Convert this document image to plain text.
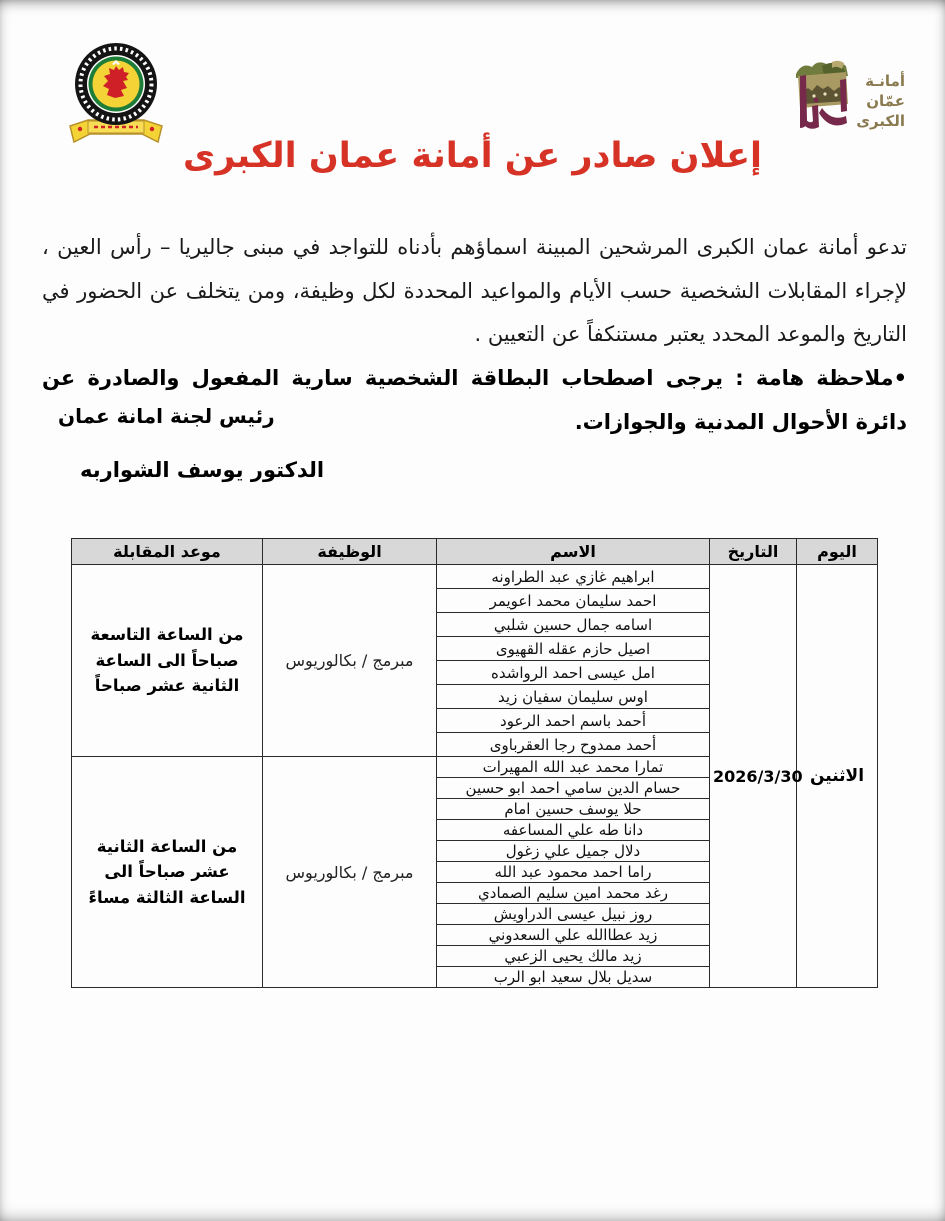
أمانـة
عمّان
الكبرى
إعلان صادر عن أمانة عمان الكبرى
تدعو أمانة عمان الكبرى المرشحين المبينة اسماؤهم بأدناه للتواجد في مبنى جاليريا – رأس العين ، لإجراء المقابلات الشخصية حسب الأيام والمواعيد المحددة لكل وظيفة، ومن يتخلف عن الحضور في التاريخ والموعد المحدد يعتبر مستنكفاً عن التعيين .
•ملاحظة هامة : يرجى اصطحاب البطاقة الشخصية سارية المفعول والصادرة عن دائرة الأحوال المدنية والجوازات.
رئيس لجنة امانة عمان
الدكتور يوسف الشواربه
اليوم	التاريخ	الاسم	الوظيفة	موعد المقابلة
الاثنين	2026/3/30	ابراهيم غازي عبد الطراونه	مبرمج / بكالوريوس	من الساعة التاسعة صباحاً الى الساعة الثانية عشر صباحاً
		احمد سليمان محمد اعويمر		
		اسامه جمال حسين شلبي		
		اصيل حازم عقله القهيوى		
		امل عيسى احمد الرواشده		
		اوس سليمان سفيان زيد		
		أحمد باسم احمد الرعود		
		أحمد ممدوح رجا العقرباوى		
		تمارا محمد عبد الله المهيرات	مبرمج / بكالوريوس	من الساعة الثانية عشر صباحاً الى الساعة الثالثة مساءً
		حسام الدين سامي احمد ابو حسين		
		حلا يوسف حسين امام		
		دانا طه علي المساعفه		
		دلال جميل علي زغول		
		راما احمد محمود عبد الله		
		رغد محمد امين سليم الصمادي		
		روز نبيل عيسى الدراويش		
		زيد عطاالله علي السعدوني		
		زيد مالك يحيى الزعبي		
		سديل بلال سعيد ابو الرب		
